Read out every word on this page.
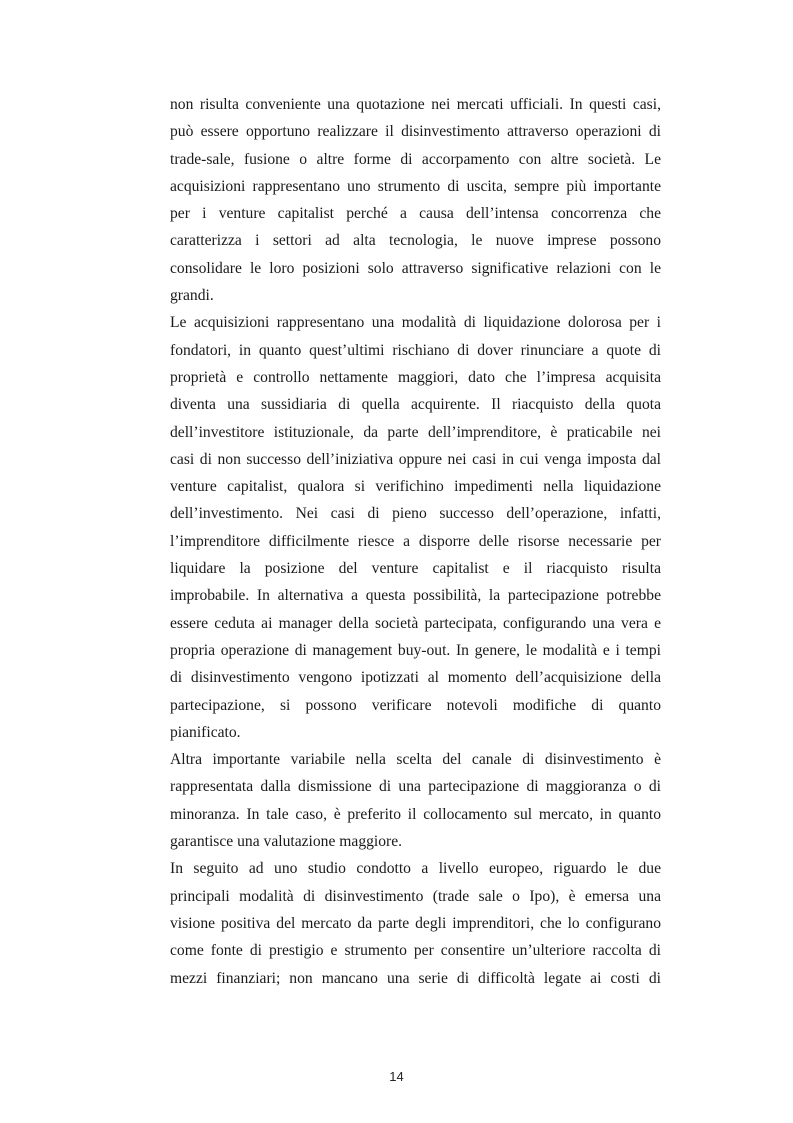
non risulta conveniente una quotazione nei mercati ufficiali. In questi casi,
può essere opportuno realizzare il disinvestimento attraverso operazioni di
trade-sale, fusione o altre forme di accorpamento con altre società. Le
acquisizioni rappresentano uno strumento di uscita, sempre più importante
per i venture capitalist perché a causa dell’intensa concorrenza che
caratterizza i settori ad alta tecnologia, le nuove imprese possono
consolidare le loro posizioni solo attraverso significative relazioni con le
grandi.
Le acquisizioni rappresentano una modalità di liquidazione dolorosa per i
fondatori, in quanto quest’ultimi rischiano di dover rinunciare a quote di
proprietà e controllo nettamente maggiori, dato che l’impresa acquisita
diventa una sussidiaria di quella acquirente. Il riacquisto della quota
dell’investitore istituzionale, da parte dell’imprenditore, è praticabile nei
casi di non successo dell’iniziativa oppure nei casi in cui venga imposta dal
venture capitalist, qualora si verifichino impedimenti nella liquidazione
dell’investimento. Nei casi di pieno successo dell’operazione, infatti,
l’imprenditore difficilmente riesce a disporre delle risorse necessarie per
liquidare la posizione del venture capitalist e il riacquisto risulta
improbabile. In alternativa a questa possibilità, la partecipazione potrebbe
essere ceduta ai manager della società partecipata, configurando una vera e
propria operazione di management buy-out. In genere, le modalità e i tempi
di disinvestimento vengono ipotizzati al momento dell’acquisizione della
partecipazione, si possono verificare notevoli modifiche di quanto
pianificato.
Altra importante variabile nella scelta del canale di disinvestimento è
rappresentata dalla dismissione di una partecipazione di maggioranza o di
minoranza. In tale caso, è preferito il collocamento sul mercato, in quanto
garantisce una valutazione maggiore.
In seguito ad uno studio condotto a livello europeo, riguardo le due
principali modalità di disinvestimento (trade sale o Ipo), è emersa una
visione positiva del mercato da parte degli imprenditori, che lo configurano
come fonte di prestigio e strumento per consentire un’ulteriore raccolta di
mezzi finanziari; non mancano una serie di difficoltà legate ai costi di
14
